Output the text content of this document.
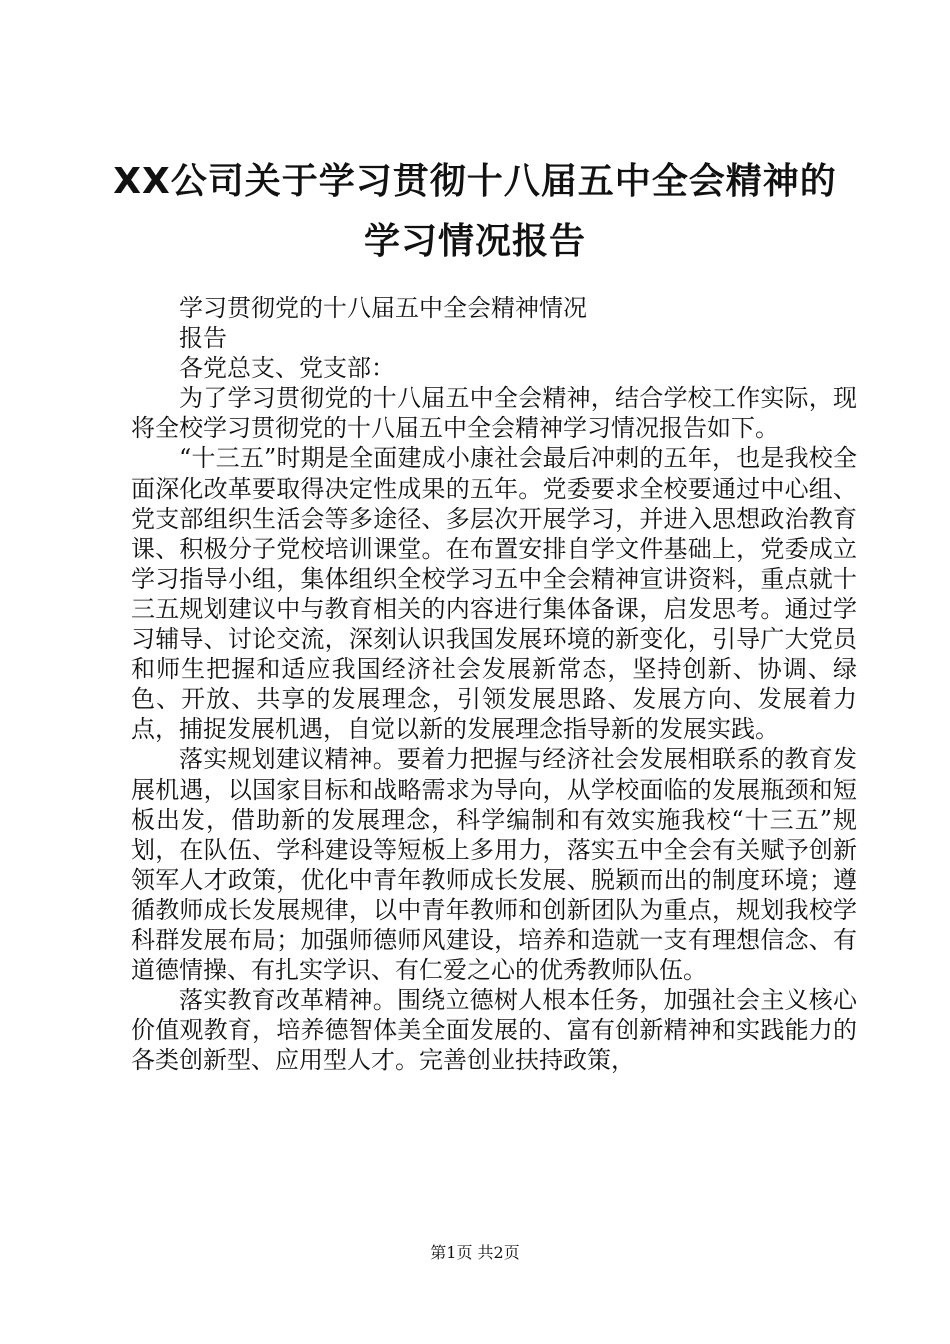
XX公司关于学习贯彻十八届五中全会精神的
学习情况报告

学习贯彻党的十八届五中全会精神情况

报告

各党总支、党支部：

为了学习贯彻党的十八届五中全会精神，结合学校工作实际，现将全校学习贯彻党的十八届五中全会精神学习情况报告如下。

“十三五”时期是全面建成小康社会最后冲刺的五年，也是我校全面深化改革要取得决定性成果的五年。党委要求全校要通过中心组、党支部组织生活会等多途径、多层次开展学习，并进入思想政治教育课、积极分子党校培训课堂。在布置安排自学文件基础上，党委成立学习指导小组，集体组织全校学习五中全会精神宣讲资料，重点就十三五规划建议中与教育相关的内容进行集体备课，启发思考。通过学习辅导、讨论交流，深刻认识我国发展环境的新变化，引导广大党员和师生把握和适应我国经济社会发展新常态，坚持创新、协调、绿色、开放、共享的发展理念，引领发展思路、发展方向、发展着力点，捕捉发展机遇，自觉以新的发展理念指导新的发展实践。

落实规划建议精神。要着力把握与经济社会发展相联系的教育发展机遇，以国家目标和战略需求为导向，从学校面临的发展瓶颈和短板出发，借助新的发展理念，科学编制和有效实施我校“十三五”规划，在队伍、学科建设等短板上多用力，落实五中全会有关赋予创新领军人才政策，优化中青年教师成长发展、脱颖而出的制度环境；遵循教师成长发展规律，以中青年教师和创新团队为重点，规划我校学科群发展布局；加强师德师风建设，培养和造就一支有理想信念、有道德情操、有扎实学识、有仁爱之心的优秀教师队伍。

落实教育改革精神。围绕立德树人根本任务，加强社会主义核心价值观教育，培养德智体美全面发展的、富有创新精神和实践能力的各类创新型、应用型人才。完善创业扶持政策，

第1页 共2页
